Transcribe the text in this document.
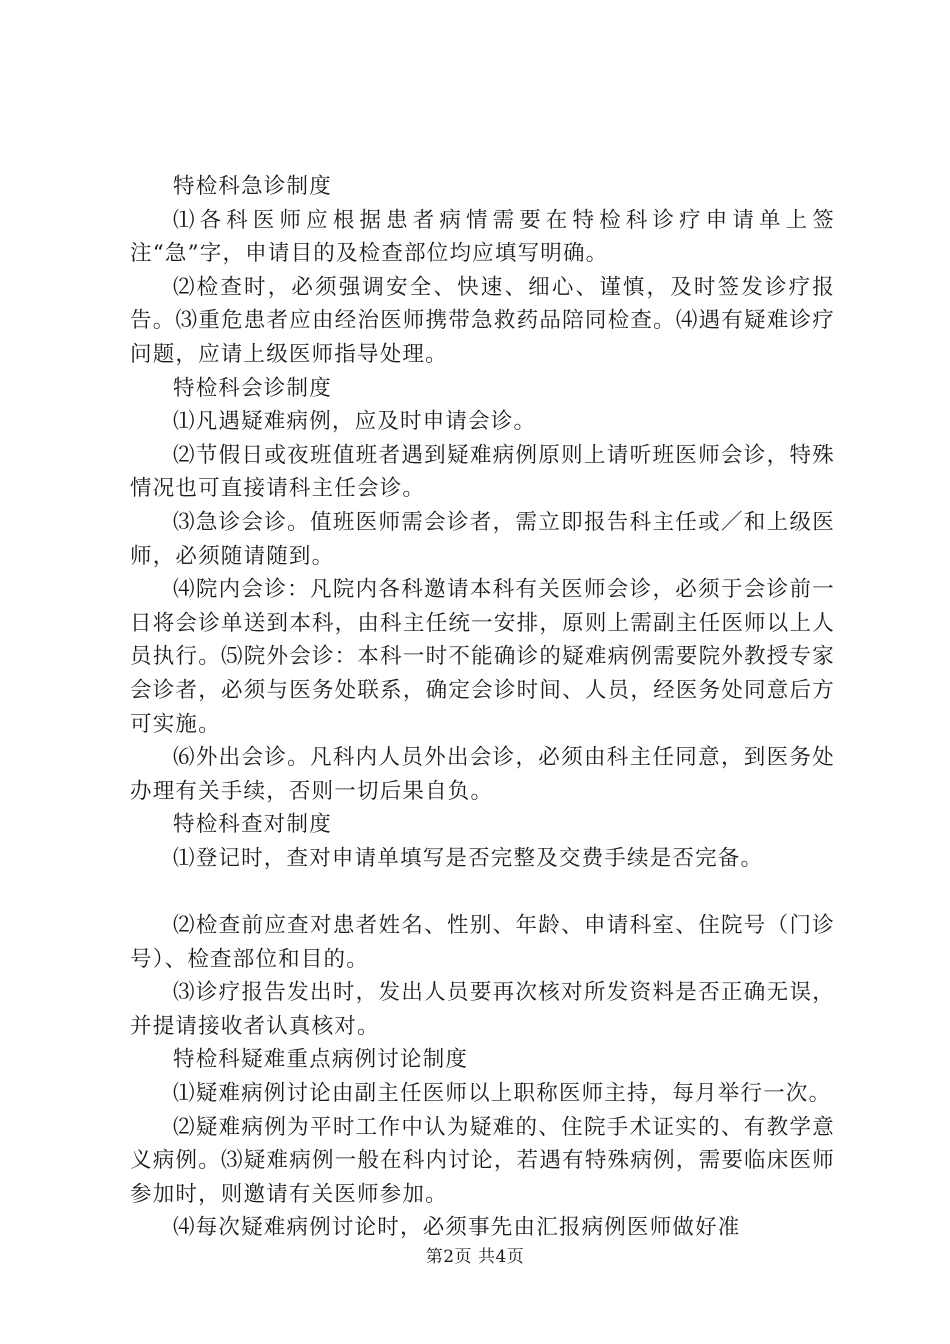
特检科急诊制度

⑴各科医师应根据患者病情需要在特检科诊疗申请单上签注“急”字，申请目的及检查部位均应填写明确。

⑵检查时，必须强调安全、快速、细心、谨慎，及时签发诊疗报告。⑶重危患者应由经治医师携带急救药品陪同检查。⑷遇有疑难诊疗问题，应请上级医师指导处理。

特检科会诊制度

⑴凡遇疑难病例，应及时申请会诊。

⑵节假日或夜班值班者遇到疑难病例原则上请听班医师会诊，特殊情况也可直接请科主任会诊。

⑶急诊会诊。值班医师需会诊者，需立即报告科主任或／和上级医师，必须随请随到。

⑷院内会诊：凡院内各科邀请本科有关医师会诊，必须于会诊前一日将会诊单送到本科，由科主任统一安排，原则上需副主任医师以上人员执行。⑸院外会诊：本科一时不能确诊的疑难病例需要院外教授专家会诊者，必须与医务处联系，确定会诊时间、人员，经医务处同意后方可实施。

⑹外出会诊。凡科内人员外出会诊，必须由科主任同意，到医务处办理有关手续，否则一切后果自负。

特检科查对制度

⑴登记时，查对申请单填写是否完整及交费手续是否完备。

⑵检查前应查对患者姓名、性别、年龄、申请科室、住院号（门诊号）、检查部位和目的。

⑶诊疗报告发出时，发出人员要再次核对所发资料是否正确无误，并提请接收者认真核对。

特检科疑难重点病例讨论制度

⑴疑难病例讨论由副主任医师以上职称医师主持，每月举行一次。

⑵疑难病例为平时工作中认为疑难的、住院手术证实的、有教学意义病例。⑶疑难病例一般在科内讨论，若遇有特殊病例，需要临床医师参加时，则邀请有关医师参加。

⑷每次疑难病例讨论时，必须事先由汇报病例医师做好准

第2页 共4页
